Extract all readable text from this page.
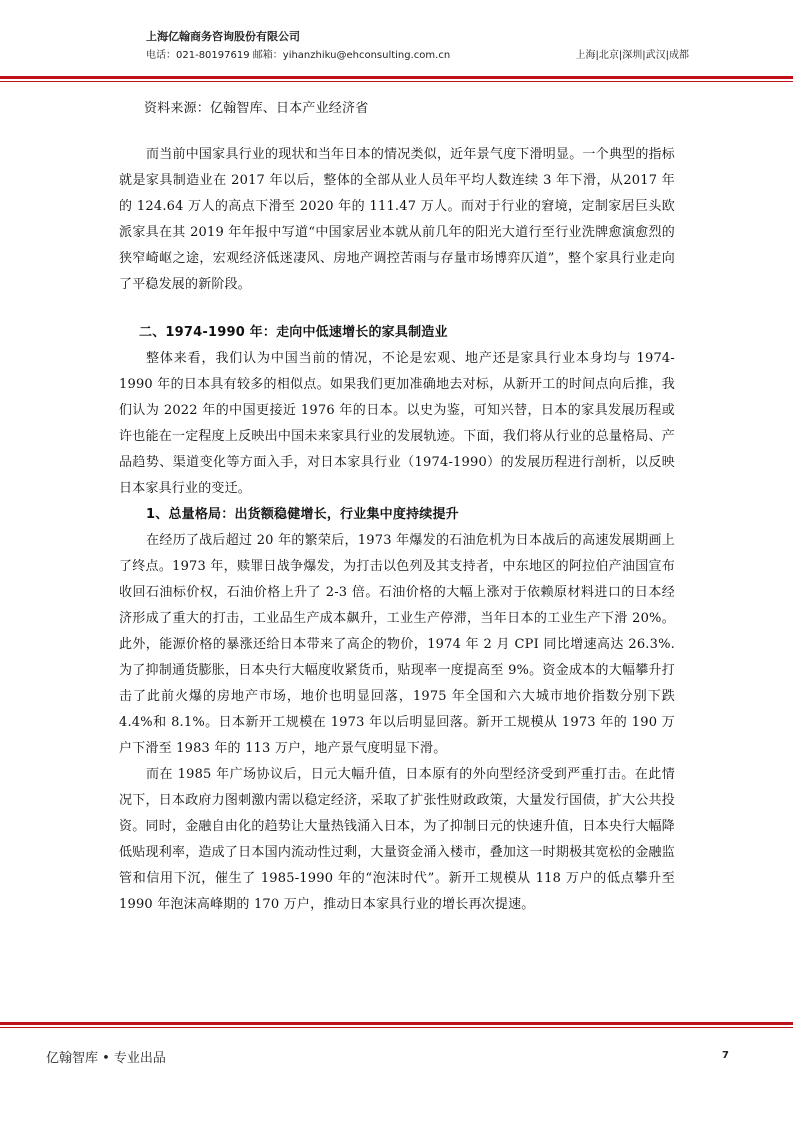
上海亿翰商务咨询股份有限公司
电话：021-80197619 邮箱：yihanzhiku@ehconsulting.com.cn	上海|北京|深圳|武汉|成都
资料来源：亿翰智库、日本产业经济省

而当前中国家具行业的现状和当年日本的情况类似，近年景气度下滑明显。一个典型的指标就是家具制造业在 2017 年以后，整体的全部从业人员年平均人数连续 3 年下滑，从2017 年的 124.64 万人的高点下滑至 2020 年的 111.47 万人。而对于行业的窘境，定制家居巨头欧派家具在其 2019 年年报中写道“中国家居业本就从前几年的阳光大道行至行业洗牌愈演愈烈的狭窄崎岖之途，宏观经济低迷凄风、房地产调控苦雨与存量市场博弈仄道”，整个家具行业走向了平稳发展的新阶段。

二、1974-1990 年：走向中低速增长的家具制造业

整体来看，我们认为中国当前的情况，不论是宏观、地产还是家具行业本身均与 1974-1990 年的日本具有较多的相似点。如果我们更加准确地去对标，从新开工的时间点向后推，我们认为 2022 年的中国更接近 1976 年的日本。以史为鉴，可知兴替，日本的家具发展历程或许也能在一定程度上反映出中国未来家具行业的发展轨迹。下面，我们将从行业的总量格局、产品趋势、渠道变化等方面入手，对日本家具行业（1974-1990）的发展历程进行剖析，以反映日本家具行业的变迁。

1、总量格局：出货额稳健增长，行业集中度持续提升

在经历了战后超过 20 年的繁荣后，1973 年爆发的石油危机为日本战后的高速发展期画上了终点。1973 年，赎罪日战争爆发，为打击以色列及其支持者，中东地区的阿拉伯产油国宣布收回石油标价权，石油价格上升了 2-3 倍。石油价格的大幅上涨对于依赖原材料进口的日本经济形成了重大的打击，工业品生产成本飙升，工业生产停滞，当年日本的工业生产下滑 20%。此外，能源价格的暴涨还给日本带来了高企的物价，1974 年 2 月 CPI 同比增速高达 26.3%.为了抑制通货膨胀，日本央行大幅度收紧货币，贴现率一度提高至 9%。资金成本的大幅攀升打击了此前火爆的房地产市场，地价也明显回落，1975 年全国和六大城市地价指数分别下跌 4.4%和 8.1%。日本新开工规模在 1973 年以后明显回落。新开工规模从 1973 年的 190 万户下滑至 1983 年的 113 万户，地产景气度明显下滑。

而在 1985 年广场协议后，日元大幅升值，日本原有的外向型经济受到严重打击。在此情况下，日本政府力图刺激内需以稳定经济，采取了扩张性财政政策，大量发行国债，扩大公共投资。同时，金融自由化的趋势让大量热钱涌入日本，为了抑制日元的快速升值，日本央行大幅降低贴现利率，造成了日本国内流动性过剩，大量资金涌入楼市，叠加这一时期极其宽松的金融监管和信用下沉，催生了 1985-1990 年的“泡沫时代”。新开工规模从 118 万户的低点攀升至 1990 年泡沫高峰期的 170 万户，推动日本家具行业的增长再次提速。

亿翰智库 • 专业出品	7
